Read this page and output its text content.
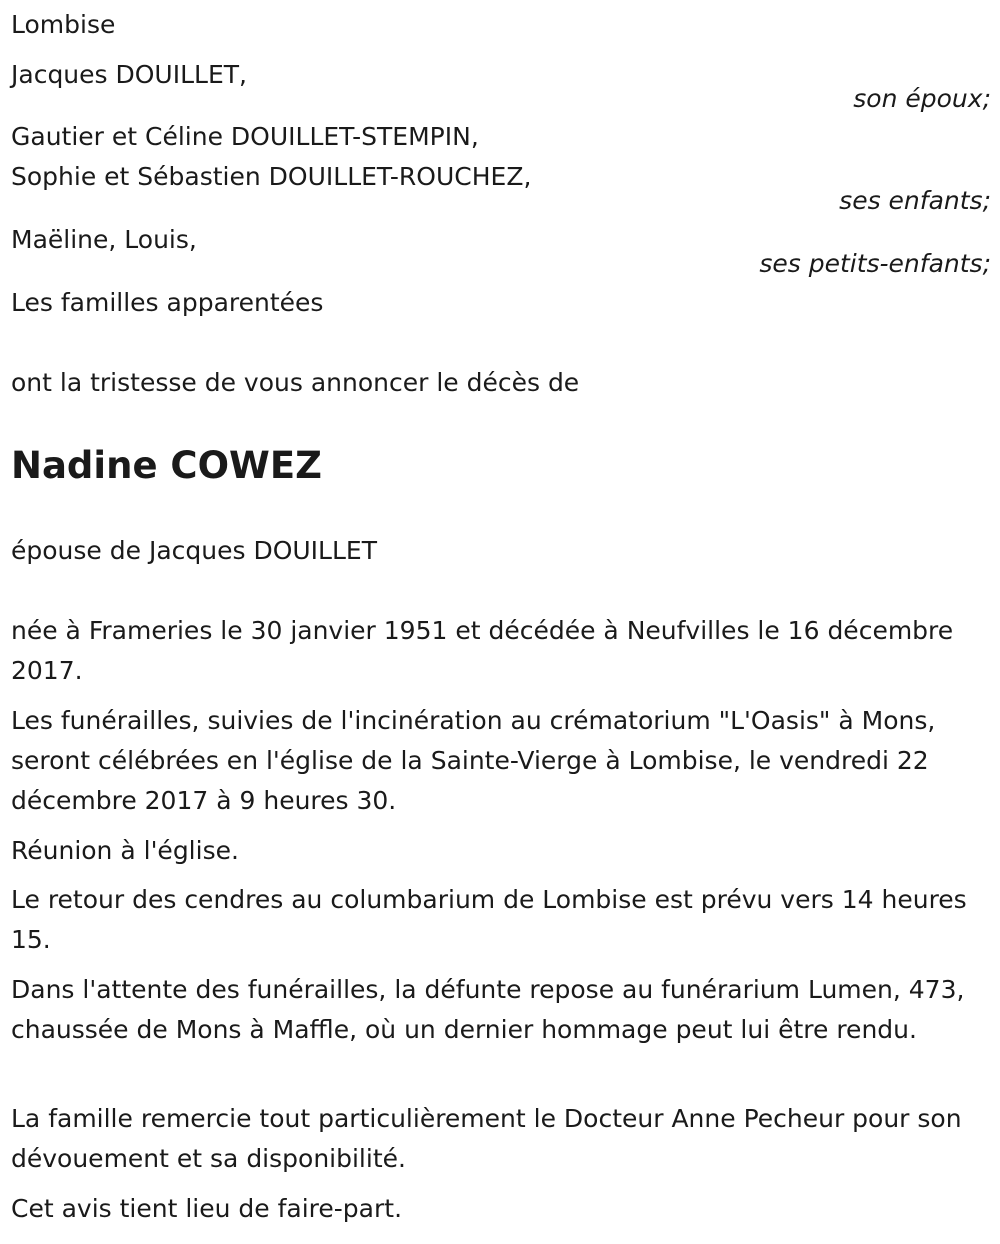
Lombise

Jacques DOUILLET,

son époux;

Gautier et Céline DOUILLET-STEMPIN,

Sophie et Sébastien DOUILLET-ROUCHEZ,

ses enfants;

Maëline, Louis,

ses petits-enfants;

Les familles apparentées

ont la tristesse de vous annoncer le décès de

Nadine COWEZ

épouse de Jacques DOUILLET

née à Frameries le 30 janvier 1951 et décédée à Neufvilles le 16 décembre 2017.

Les funérailles, suivies de l'incinération au crématorium "L'Oasis" à Mons, seront célébrées en l'église de la Sainte-Vierge à Lombise, le vendredi 22 décembre 2017 à 9 heures 30.

Réunion à l'église.

Le retour des cendres au columbarium de Lombise est prévu vers 14 heures 15.

Dans l'attente des funérailles, la défunte repose au funérarium Lumen, 473, chaussée de Mons à Maffle, où un dernier hommage peut lui être rendu.

La famille remercie tout particulièrement le Docteur Anne Pecheur pour son dévouement et sa disponibilité.

Cet avis tient lieu de faire-part.
